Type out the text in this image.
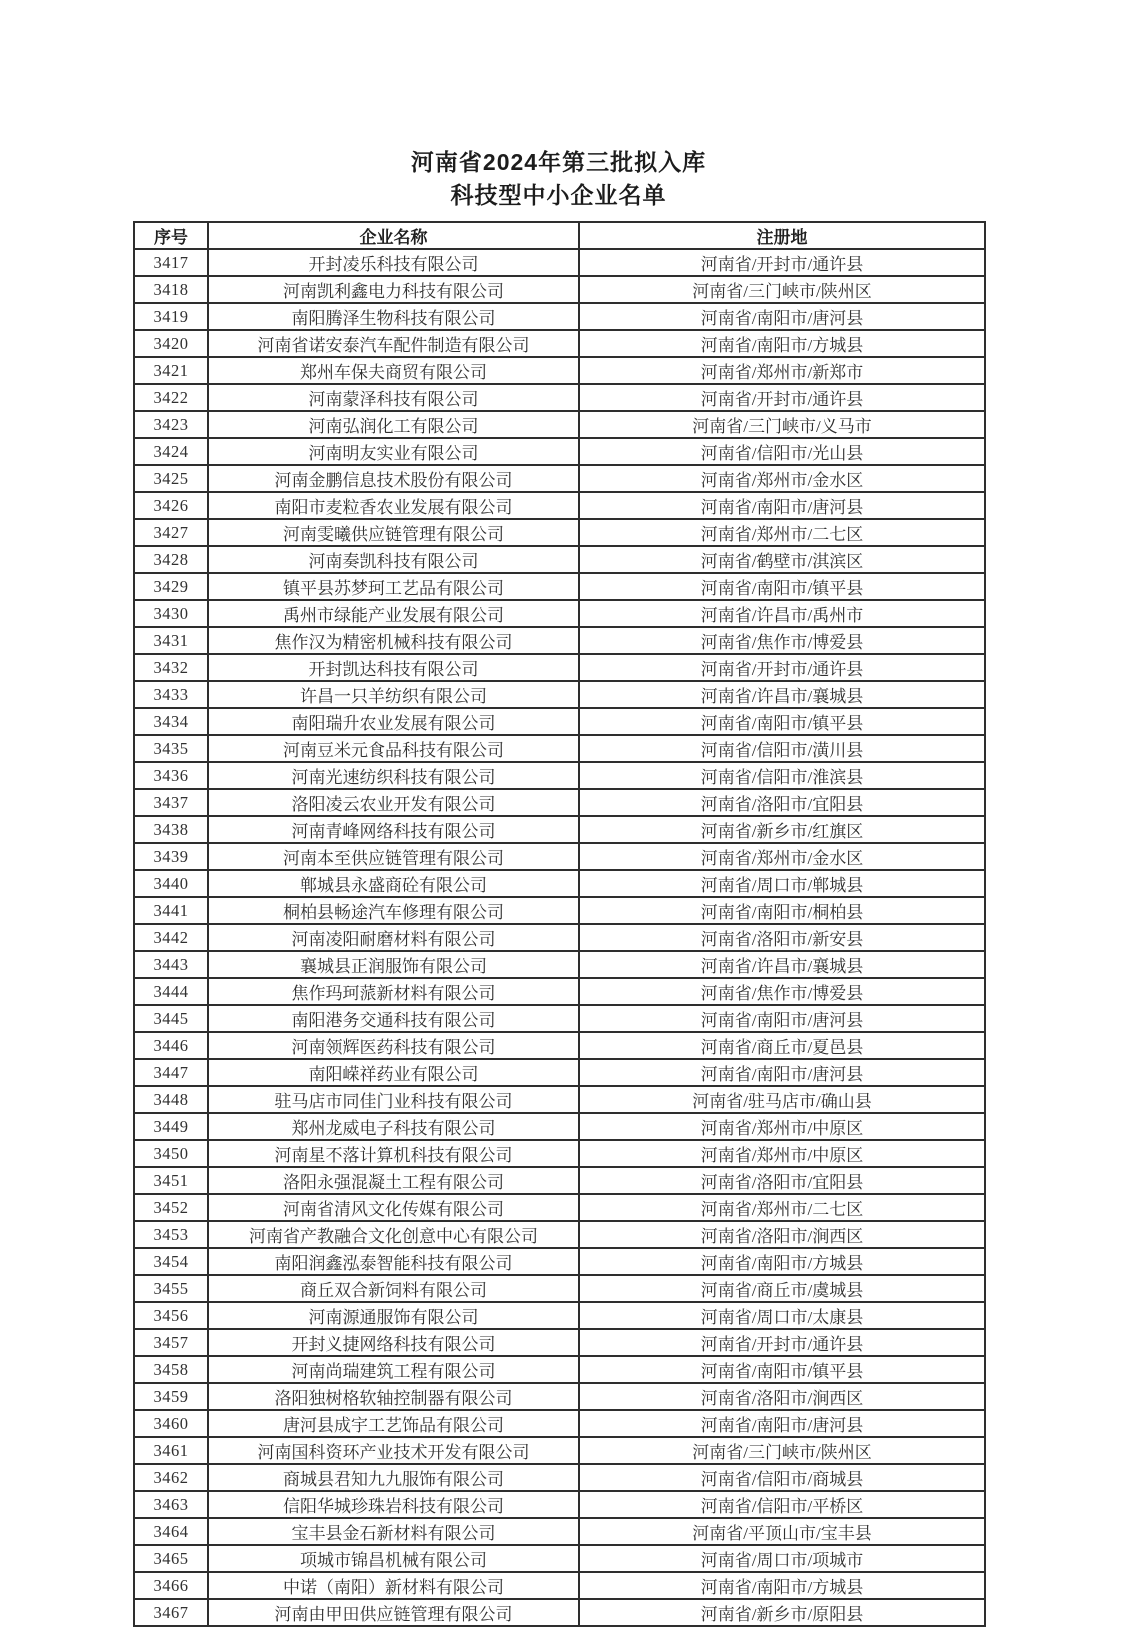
河南省2024年第三批拟入库
科技型中小企业名单
序号	企业名称	注册地
3417	开封凌乐科技有限公司	河南省/开封市/通许县
3418	河南凯利鑫电力科技有限公司	河南省/三门峡市/陕州区
3419	南阳腾泽生物科技有限公司	河南省/南阳市/唐河县
3420	河南省诺安泰汽车配件制造有限公司	河南省/南阳市/方城县
3421	郑州车保夫商贸有限公司	河南省/郑州市/新郑市
3422	河南蒙泽科技有限公司	河南省/开封市/通许县
3423	河南弘润化工有限公司	河南省/三门峡市/义马市
3424	河南明友实业有限公司	河南省/信阳市/光山县
3425	河南金鹏信息技术股份有限公司	河南省/郑州市/金水区
3426	南阳市麦粒香农业发展有限公司	河南省/南阳市/唐河县
3427	河南雯曦供应链管理有限公司	河南省/郑州市/二七区
3428	河南奏凯科技有限公司	河南省/鹤壁市/淇滨区
3429	镇平县苏梦珂工艺品有限公司	河南省/南阳市/镇平县
3430	禹州市绿能产业发展有限公司	河南省/许昌市/禹州市
3431	焦作汉为精密机械科技有限公司	河南省/焦作市/博爱县
3432	开封凯达科技有限公司	河南省/开封市/通许县
3433	许昌一只羊纺织有限公司	河南省/许昌市/襄城县
3434	南阳瑞升农业发展有限公司	河南省/南阳市/镇平县
3435	河南豆米元食品科技有限公司	河南省/信阳市/潢川县
3436	河南光速纺织科技有限公司	河南省/信阳市/淮滨县
3437	洛阳凌云农业开发有限公司	河南省/洛阳市/宜阳县
3438	河南青峰网络科技有限公司	河南省/新乡市/红旗区
3439	河南本至供应链管理有限公司	河南省/郑州市/金水区
3440	郸城县永盛商砼有限公司	河南省/周口市/郸城县
3441	桐柏县畅途汽车修理有限公司	河南省/南阳市/桐柏县
3442	河南凌阳耐磨材料有限公司	河南省/洛阳市/新安县
3443	襄城县正润服饰有限公司	河南省/许昌市/襄城县
3444	焦作玛珂蒎新材料有限公司	河南省/焦作市/博爱县
3445	南阳港务交通科技有限公司	河南省/南阳市/唐河县
3446	河南领辉医药科技有限公司	河南省/商丘市/夏邑县
3447	南阳嵘祥药业有限公司	河南省/南阳市/唐河县
3448	驻马店市同佳门业科技有限公司	河南省/驻马店市/确山县
3449	郑州龙威电子科技有限公司	河南省/郑州市/中原区
3450	河南星不落计算机科技有限公司	河南省/郑州市/中原区
3451	洛阳永强混凝土工程有限公司	河南省/洛阳市/宜阳县
3452	河南省清风文化传媒有限公司	河南省/郑州市/二七区
3453	河南省产教融合文化创意中心有限公司	河南省/洛阳市/涧西区
3454	南阳润鑫泓泰智能科技有限公司	河南省/南阳市/方城县
3455	商丘双合新饲料有限公司	河南省/商丘市/虞城县
3456	河南源通服饰有限公司	河南省/周口市/太康县
3457	开封义捷网络科技有限公司	河南省/开封市/通许县
3458	河南尚瑞建筑工程有限公司	河南省/南阳市/镇平县
3459	洛阳独树格软轴控制器有限公司	河南省/洛阳市/涧西区
3460	唐河县成宇工艺饰品有限公司	河南省/南阳市/唐河县
3461	河南国科资环产业技术开发有限公司	河南省/三门峡市/陕州区
3462	商城县君知九九服饰有限公司	河南省/信阳市/商城县
3463	信阳华城珍珠岩科技有限公司	河南省/信阳市/平桥区
3464	宝丰县金石新材料有限公司	河南省/平顶山市/宝丰县
3465	项城市锦昌机械有限公司	河南省/周口市/项城市
3466	中诺（南阳）新材料有限公司	河南省/南阳市/方城县
3467	河南由甲田供应链管理有限公司	河南省/新乡市/原阳县
